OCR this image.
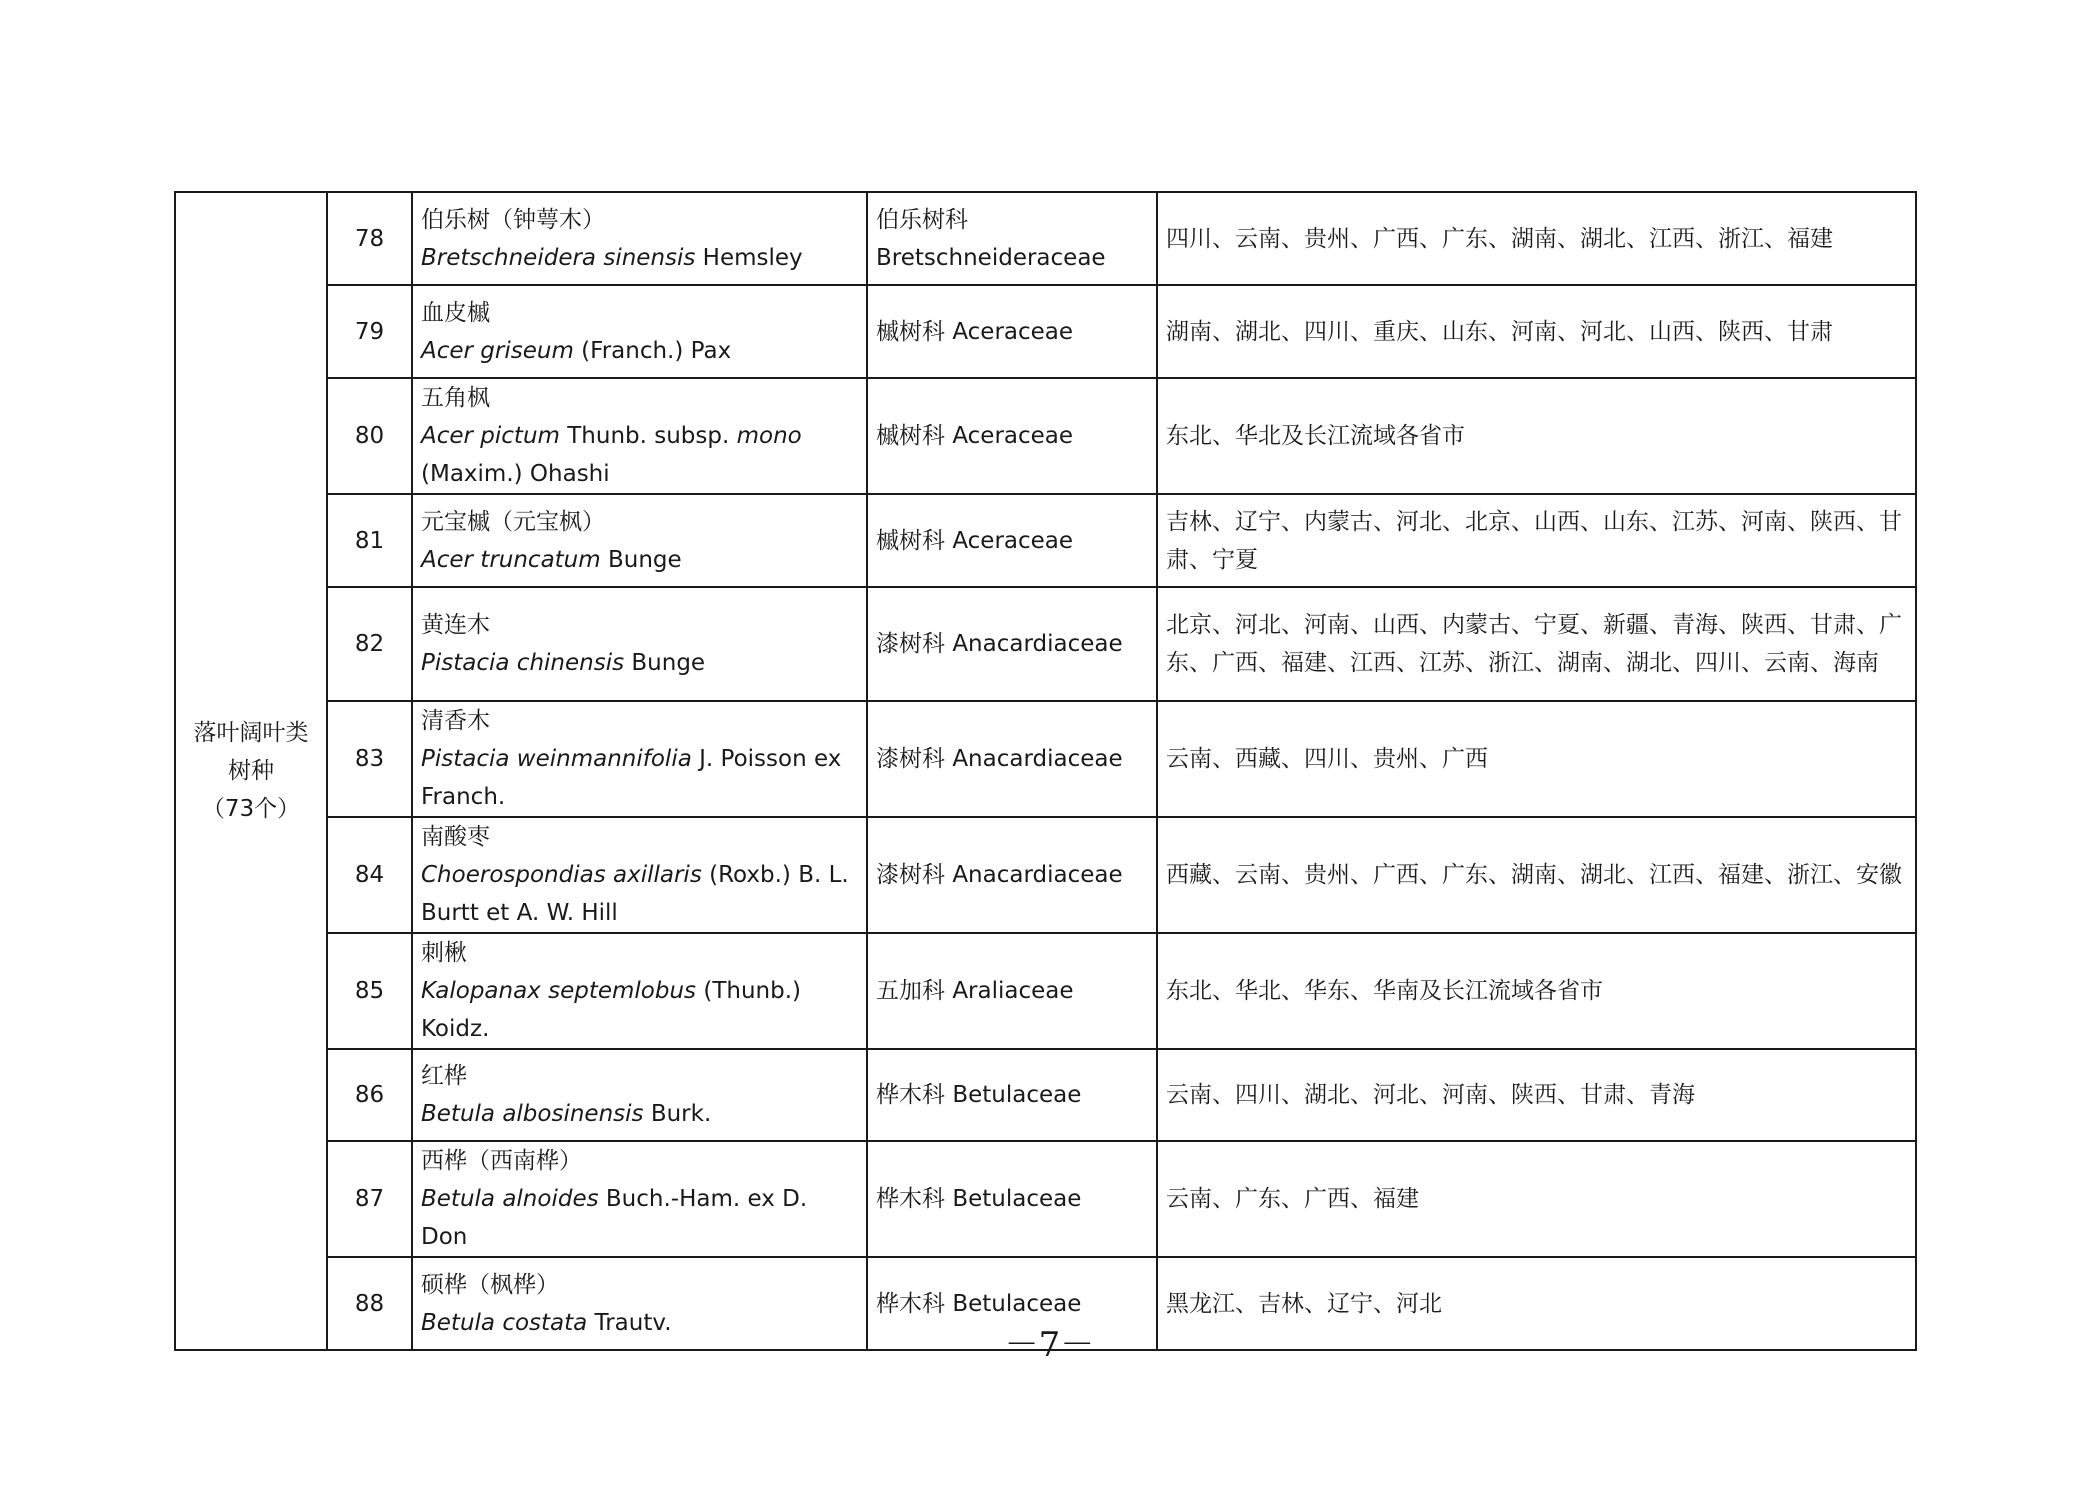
落叶阔叶类
树种
（73个）	78	伯乐树（钟萼木）
Bretschneidera sinensis Hemsley	伯乐树科
Bretschneideraceae	四川、云南、贵州、广西、广东、湖南、湖北、江西、浙江、福建
	79	血皮槭
Acer griseum (Franch.) Pax	槭树科 Aceraceae	湖南、湖北、四川、重庆、山东、河南、河北、山西、陕西、甘肃
	80	五角枫
Acer pictum Thunb. subsp. mono (Maxim.) Ohashi	槭树科 Aceraceae	东北、华北及长江流域各省市
	81	元宝槭（元宝枫）
Acer truncatum Bunge	槭树科 Aceraceae	吉林、辽宁、内蒙古、河北、北京、山西、山东、江苏、河南、陕西、甘肃、宁夏
	82	黄连木
Pistacia chinensis Bunge	漆树科 Anacardiaceae	北京、河北、河南、山西、内蒙古、宁夏、新疆、青海、陕西、甘肃、广东、广西、福建、江西、江苏、浙江、湖南、湖北、四川、云南、海南
	83	清香木
Pistacia weinmannifolia J. Poisson ex Franch.	漆树科 Anacardiaceae	云南、西藏、四川、贵州、广西
	84	南酸枣
Choerospondias axillaris (Roxb.) B. L. Burtt et A. W. Hill	漆树科 Anacardiaceae	西藏、云南、贵州、广西、广东、湖南、湖北、江西、福建、浙江、安徽
	85	刺楸
Kalopanax septemlobus (Thunb.) Koidz.	五加科 Araliaceae	东北、华北、华东、华南及长江流域各省市
	86	红桦
Betula albosinensis Burk.	桦木科 Betulaceae	云南、四川、湖北、河北、河南、陕西、甘肃、青海
	87	西桦（西南桦）
Betula alnoides Buch.-Ham. ex D. Don	桦木科 Betulaceae	云南、广东、广西、福建
	88	硕桦（枫桦）
Betula costata Trautv.	桦木科 Betulaceae	黑龙江、吉林、辽宁、河北
－7－
